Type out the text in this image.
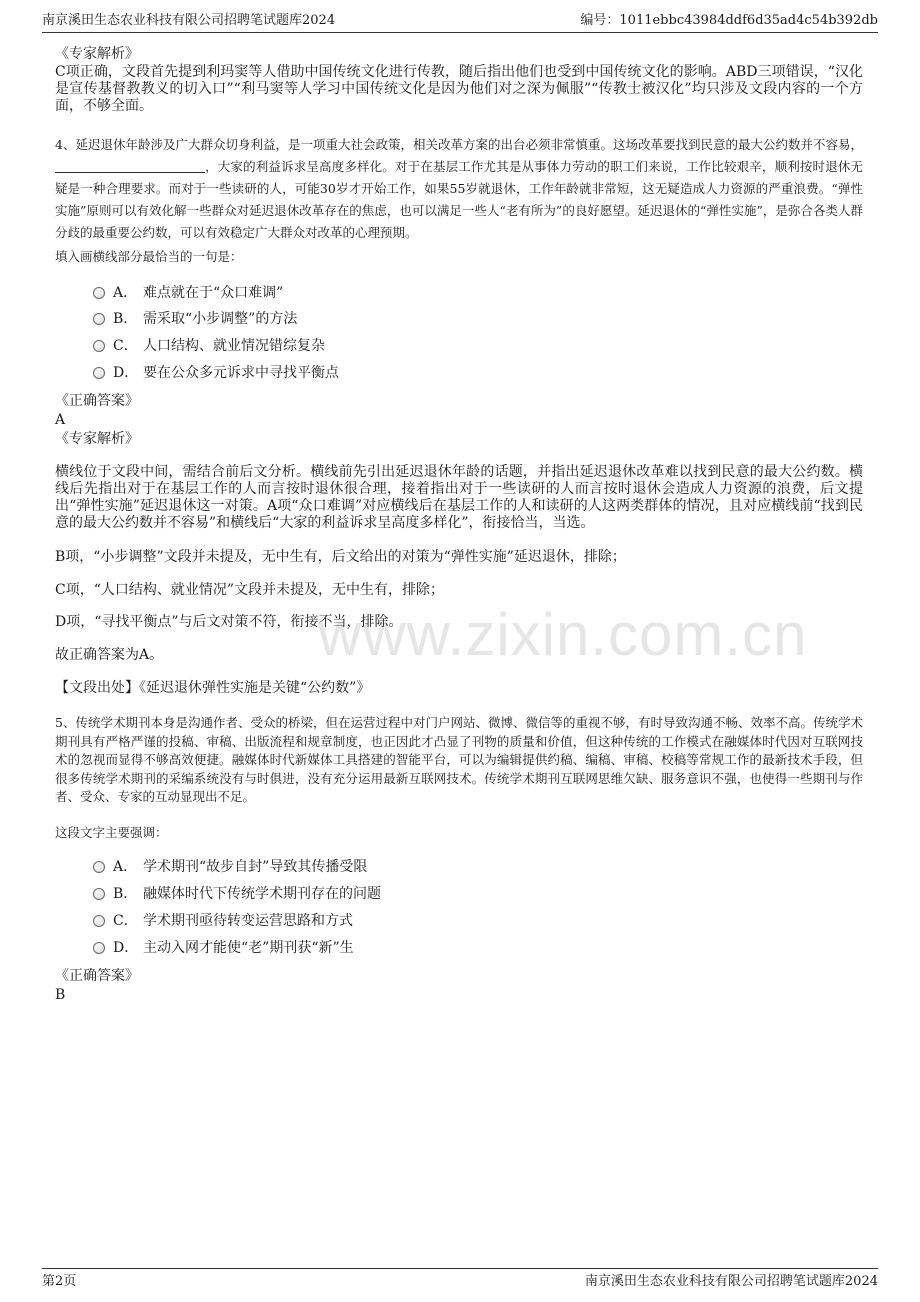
南京溪田生态农业科技有限公司招聘笔试题库2024	编号：1011ebbc43984ddf6d35ad4c54b392db
www.zixin.com.cn
《专家解析》
C项正确，文段首先提到利玛窦等人借助中国传统文化进行传教，随后指出他们也受到中国传统文化的影响。ABD三项错误，“汉化是宣传基督教教义的切入口”“利马窦等人学习中国传统文化是因为他们对之深为佩服”“传教士被汉化”均只涉及文段内容的一个方面，不够全面。
4、延迟退休年龄涉及广大群众切身利益，是一项重大社会政策，相关改革方案的出台必须非常慎重。这场改革要找到民意的最大公约数并不容易，，大家的利益诉求呈高度多样化。对于在基层工作尤其是从事体力劳动的职工们来说，工作比较艰辛，顺利按时退休无疑是一种合理要求。而对于一些读研的人，可能30岁才开始工作，如果55岁就退休，工作年龄就非常短，这无疑造成人力资源的严重浪费。“弹性实施”原则可以有效化解一些群众对延迟退休改革存在的焦虑，也可以满足一些人“老有所为”的良好愿望。延迟退休的“弹性实施”，是弥合各类人群分歧的最重要公约数，可以有效稳定广大群众对改革的心理预期。
填入画横线部分最恰当的一句是：
A． 难点就在于“众口难调”
B． 需采取“小步调整”的方法
C． 人口结构、就业情况错综复杂
D． 要在公众多元诉求中寻找平衡点
《正确答案》
A
《专家解析》
横线位于文段中间，需结合前后文分析。横线前先引出延迟退休年龄的话题，并指出延迟退休改革难以找到民意的最大公约数。横线后先指出对于在基层工作的人而言按时退休很合理，接着指出对于一些读研的人而言按时退休会造成人力资源的浪费，后文提出“弹性实施”延迟退休这一对策。A项“众口难调”对应横线后在基层工作的人和读研的人这两类群体的情况，且对应横线前“找到民意的最大公约数并不容易”和横线后“大家的利益诉求呈高度多样化”，衔接恰当，当选。
B项，“小步调整”文段并未提及，无中生有，后文给出的对策为“弹性实施”延迟退休，排除；
C项，“人口结构、就业情况”文段并未提及，无中生有，排除；
D项，“寻找平衡点”与后文对策不符，衔接不当，排除。
故正确答案为A。
【文段出处】《延迟退休弹性实施是关键“公约数”》
5、传统学术期刊本身是沟通作者、受众的桥梁，但在运营过程中对门户网站、微博、微信等的重视不够，有时导致沟通不畅、效率不高。传统学术期刊具有严格严谨的投稿、审稿、出版流程和规章制度，也正因此才凸显了刊物的质量和价值，但这种传统的工作模式在融媒体时代因对互联网技术的忽视而显得不够高效便捷。融媒体时代新媒体工具搭建的智能平台，可以为编辑提供约稿、编稿、审稿、校稿等常规工作的最新技术手段，但很多传统学术期刊的采编系统没有与时俱进，没有充分运用最新互联网技术。传统学术期刊互联网思维欠缺、服务意识不强，也使得一些期刊与作者、受众、专家的互动显现出不足。
这段文字主要强调：
A． 学术期刊“故步自封”导致其传播受限
B． 融媒体时代下传统学术期刊存在的问题
C． 学术期刊亟待转变运营思路和方式
D． 主动入网才能使“老”期刊获“新”生
《正确答案》
B
第2页	南京溪田生态农业科技有限公司招聘笔试题库2024
